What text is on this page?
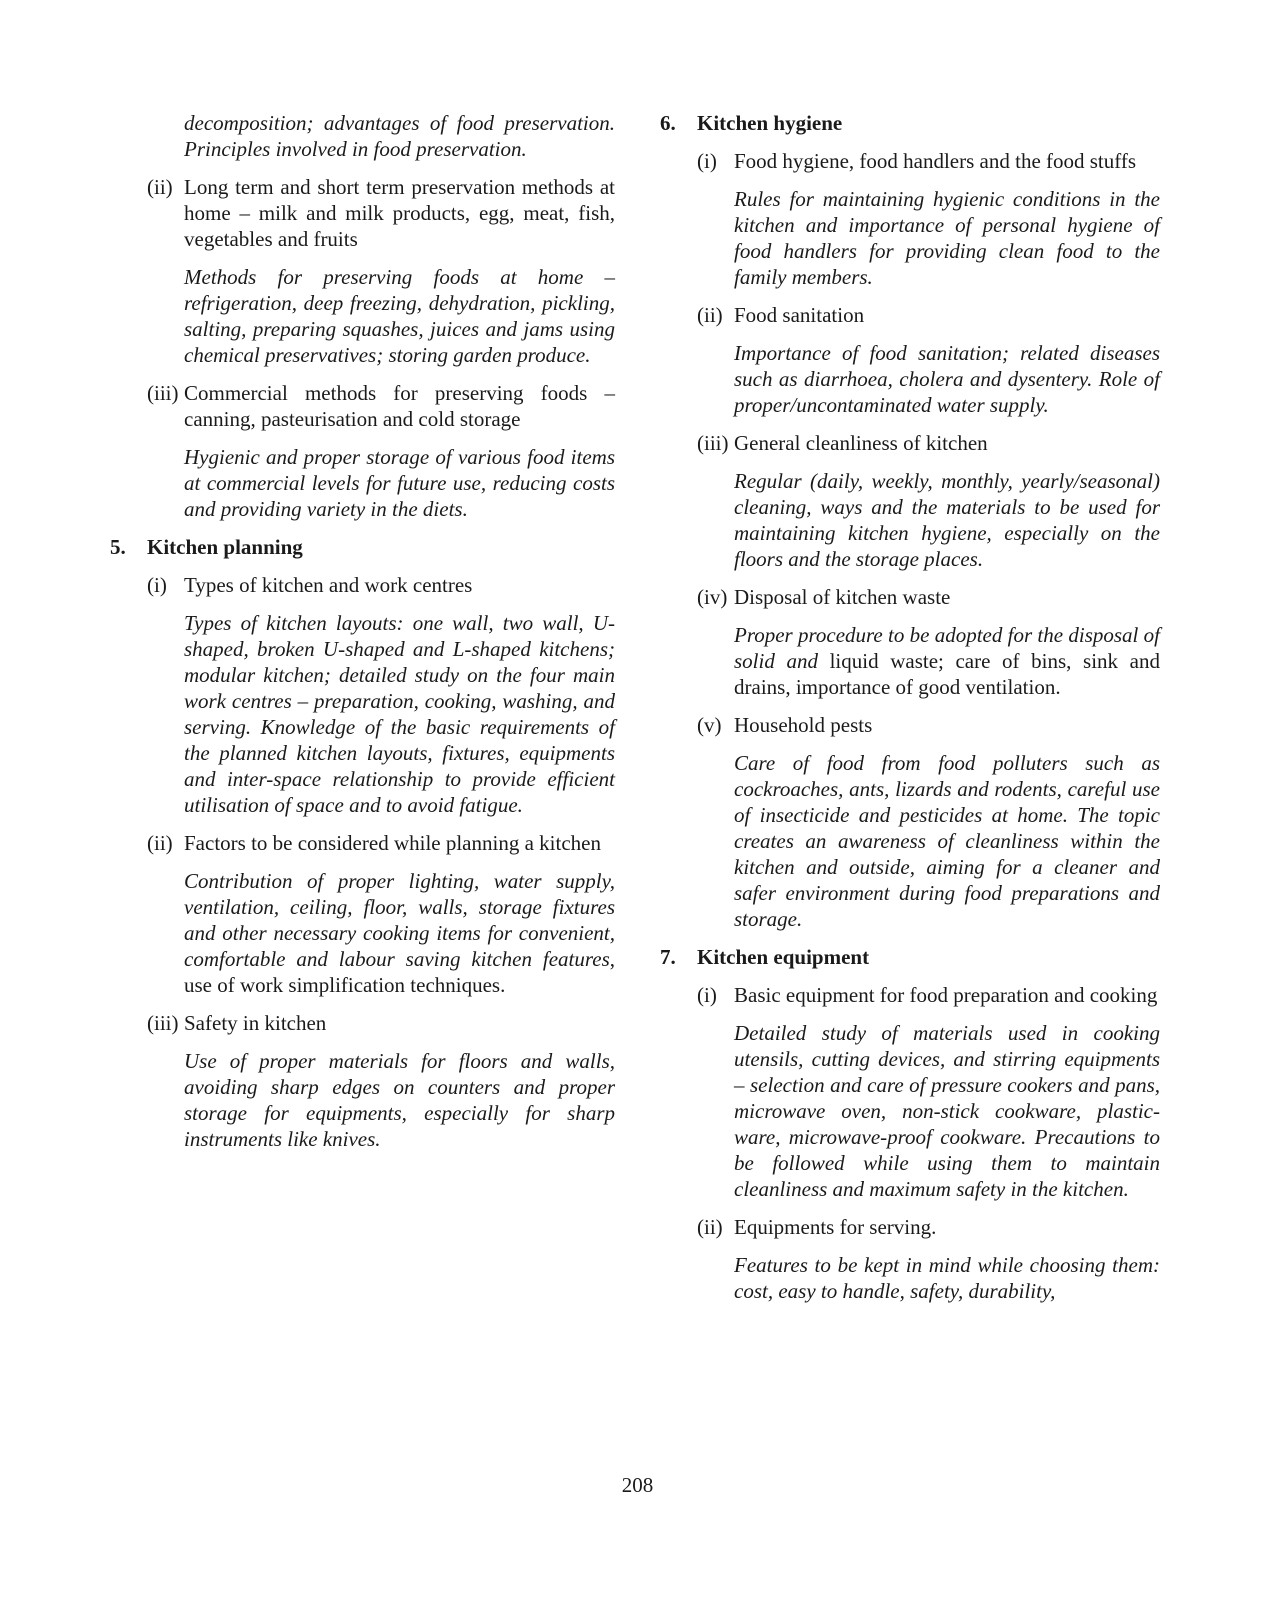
decomposition; advantages of food preservation. Principles involved in food preservation.
(ii) Long term and short term preservation methods at home – milk and milk products, egg, meat, fish, vegetables and fruits
Methods for preserving foods at home – refrigeration, deep freezing, dehydration, pickling, salting, preparing squashes, juices and jams using chemical preservatives; storing garden produce.
(iii) Commercial methods for preserving foods – canning, pasteurisation and cold storage
Hygienic and proper storage of various food items at commercial levels for future use, reducing costs and providing variety in the diets.
5.	Kitchen planning
(i) Types of kitchen and work centres
Types of kitchen layouts: one wall, two wall, U-shaped, broken U-shaped and L-shaped kitchens; modular kitchen; detailed study on the four main work centres – preparation, cooking, washing, and serving. Knowledge of the basic requirements of the planned kitchen layouts, fixtures, equipments and inter-space relationship to provide efficient utilisation of space and to avoid fatigue.
(ii) Factors to be considered while planning a kitchen
Contribution of proper lighting, water supply, ventilation, ceiling, floor, walls, storage fixtures and other necessary cooking items for convenient, comfortable and labour saving kitchen features, use of work simplification techniques.
(iii) Safety in kitchen
Use of proper materials for floors and walls, avoiding sharp edges on counters and proper storage for equipments, especially for sharp instruments like knives.
6.	Kitchen hygiene
(i) Food hygiene, food handlers and the food stuffs
Rules for maintaining hygienic conditions in the kitchen and importance of personal hygiene of food handlers for providing clean food to the family members.
(ii) Food sanitation
Importance of food sanitation; related diseases such as diarrhoea, cholera and dysentery. Role of proper/uncontaminated water supply.
(iii) General cleanliness of kitchen
Regular (daily, weekly, monthly, yearly/seasonal) cleaning, ways and the materials to be used for maintaining kitchen hygiene, especially on the floors and the storage places.
(iv) Disposal of kitchen waste
Proper procedure to be adopted for the disposal of solid and liquid waste; care of bins, sink and drains, importance of good ventilation.
(v) Household pests
Care of food from food polluters such as cockroaches, ants, lizards and rodents, careful use of insecticide and pesticides at home. The topic creates an awareness of cleanliness within the kitchen and outside, aiming for a cleaner and safer environment during food preparations and storage.
7.	Kitchen equipment
(i) Basic equipment for food preparation and cooking
Detailed study of materials used in cooking utensils, cutting devices, and stirring equipments – selection and care of pressure cookers and pans, microwave oven, non-stick cookware, plastic-ware, microwave-proof cookware. Precautions to be followed while using them to maintain cleanliness and maximum safety in the kitchen.
(ii) Equipments for serving.
Features to be kept in mind while choosing them: cost, easy to handle, safety, durability,
208
